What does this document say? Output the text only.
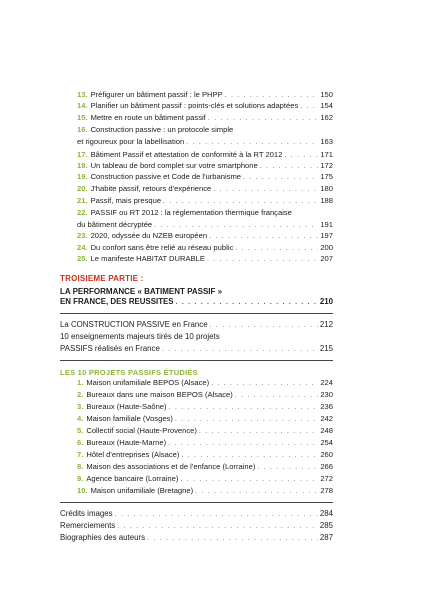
13. Préfigurer un bâtiment passif : le PHPP . . .	150
14. Planifier un bâtiment passif : points-clés et solutions adaptées . . .	154
15. Mettre en route un bâtiment passif . . .	162
16. Construction passive : un protocole simple
et rigoureux pour la labellisation . . .	163
17. Bâtiment Passif et attestation de conformité à la RT 2012 . . .	171
18. Un tableau de bord complet sur votre smartphone . . .	172
19. Construction passive et Code de l'urbanisme . . .	175
20. J'habite passif, retours d'expérience . . .	180
21. Passif, mais presque . . .	188
22. PASSIF ou RT 2012 : la réglementation thermique française
du bâtiment décryptée . . .	191
23. 2020, odyssée du NZEB européen . . .	197
24. Du confort sans être relié au réseau public . . .	200
25. Le manifeste HABITAT DURABLE . . .	207
TROISIEME PARTIE :
LA PERFORMANCE « BATIMENT PASSIF »
EN FRANCE, DES REUSSITES . . .	210
La CONSTRUCTION PASSIVE en France . . .	212
10 enseignements majeurs tirés de 10 projets
PASSIFS réalisés en France . . .	215
LES 10 PROJETS PASSIFS ÉTUDIÉS
1. Maison unifamiliale BEPOS (Alsace) . . .	224
2. Bureaux dans une maison BEPOS (Alsace) . . .	230
3. Bureaux (Haute-Saône) . . .	236
4. Maison familiale (Vosges) . . .	242
5. Collectif social (Haute-Provence) . . .	248
6. Bureaux (Haute-Marne) . . .	254
7. Hôtel d'entreprises (Alsace) . . .	260
8. Maison des associations et de l'enfance (Lorraine) . . .	266
9. Agence bancaire (Lorraine) . . .	272
10. Maison unifamiliale (Bretagne) . . .	278
Crédits images . . .	284
Remerciements . . .	285
Biographies des auteurs . . .	287
